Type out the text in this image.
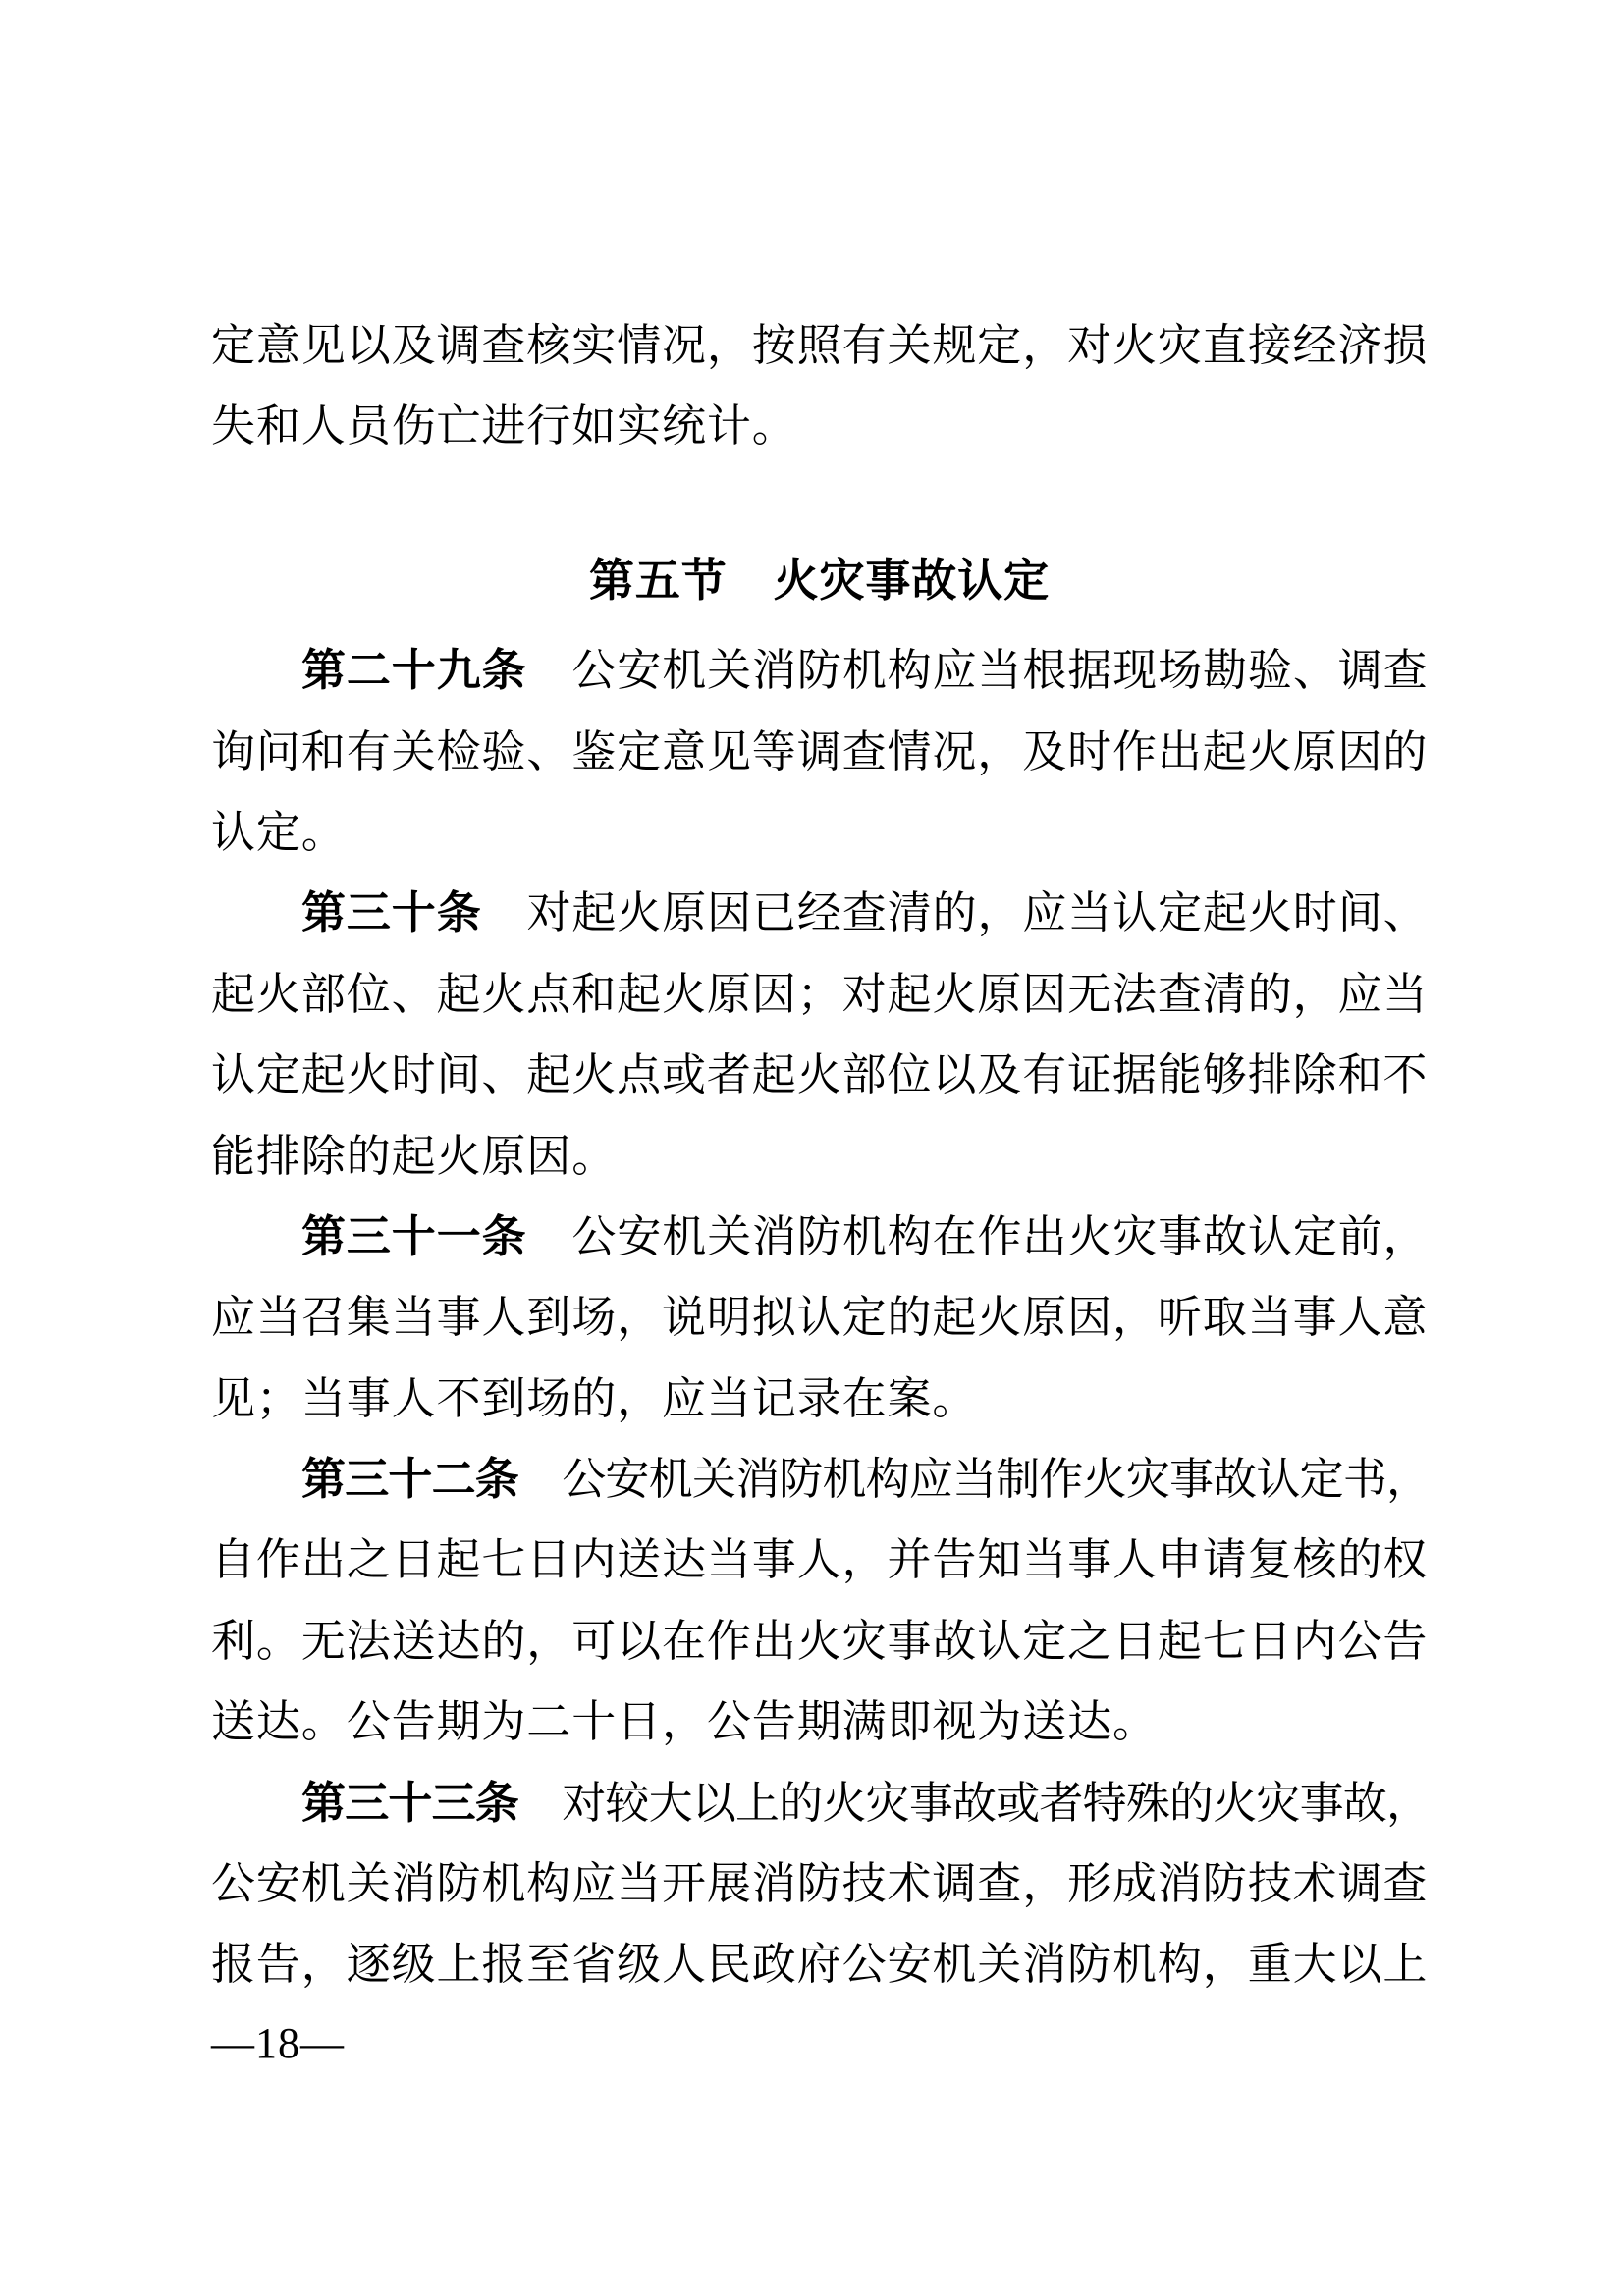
定意见以及调查核实情况，按照有关规定，对火灾直接经济损
失和人员伤亡进行如实统计。
第五节　火灾事故认定
第二十九条　公安机关消防机构应当根据现场勘验、调查
询问和有关检验、鉴定意见等调查情况，及时作出起火原因的
认定。
第三十条　对起火原因已经查清的，应当认定起火时间、
起火部位、起火点和起火原因；对起火原因无法查清的，应当
认定起火时间、起火点或者起火部位以及有证据能够排除和不
能排除的起火原因。
第三十一条　公安机关消防机构在作出火灾事故认定前，
应当召集当事人到场，说明拟认定的起火原因，听取当事人意
见；当事人不到场的，应当记录在案。
第三十二条　公安机关消防机构应当制作火灾事故认定书，
自作出之日起七日内送达当事人，并告知当事人申请复核的权
利。无法送达的，可以在作出火灾事故认定之日起七日内公告
送达。公告期为二十日，公告期满即视为送达。
第三十三条　对较大以上的火灾事故或者特殊的火灾事故，
公安机关消防机构应当开展消防技术调查，形成消防技术调查
报告，逐级上报至省级人民政府公安机关消防机构，重大以上
—18—
